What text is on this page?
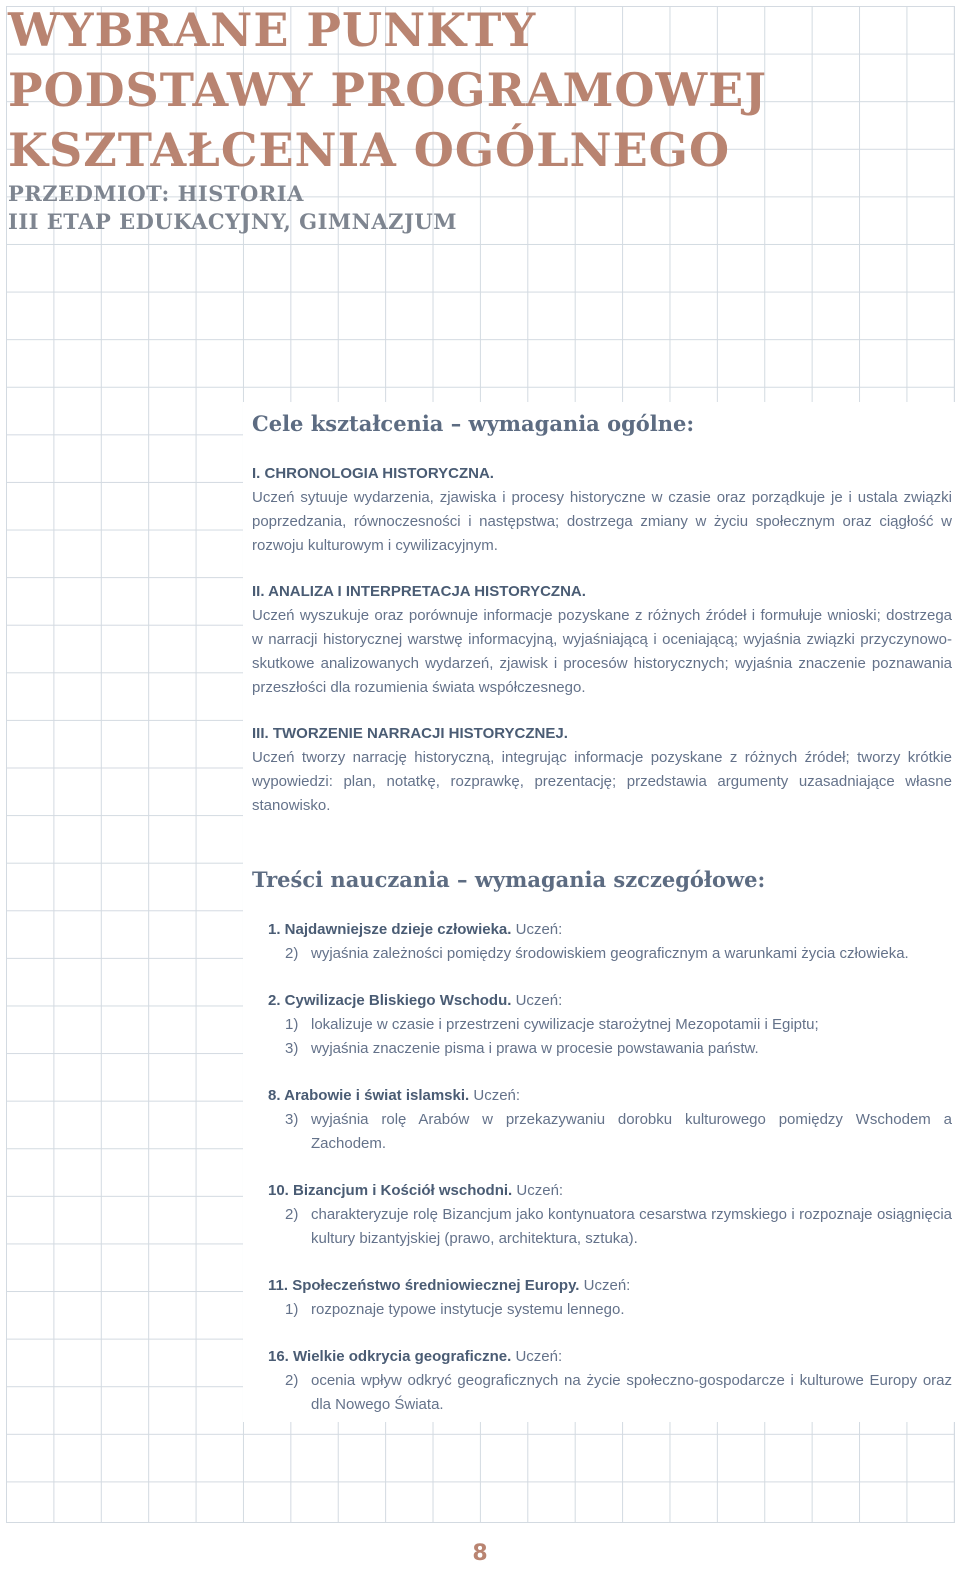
WYBRANE PUNKTY

PODSTAWY PROGRAMOWEJ

KSZTAŁCENIA OGÓLNEGO

PRZEDMIOT: HISTORIA

III ETAP EDUKACYJNY, GIMNAZJUM

Cele kształcenia – wymagania ogólne:

I. CHRONOLOGIA HISTORYCZNA.

Uczeń sytuuje wydarzenia, zjawiska i procesy historyczne w czasie oraz porządkuje je i ustala związki poprzedzania, równoczesności i następstwa; dostrzega zmiany w życiu społecznym oraz ciągłość w rozwoju kulturowym i cywilizacyjnym.

II. ANALIZA I INTERPRETACJA HISTORYCZNA.

Uczeń wyszukuje oraz porównuje informacje pozyskane z różnych źródeł i formułuje wnioski; dostrzega w narracji historycznej warstwę informacyjną, wyjaśniającą i oceniającą; wyjaśnia związki przyczynowo-skutkowe analizowanych wydarzeń, zjawisk i procesów historycznych; wyjaśnia znaczenie poznawania przeszłości dla rozumienia świata współczesnego.

III. TWORZENIE NARRACJI HISTORYCZNEJ.

Uczeń tworzy narrację historyczną, integrując informacje pozyskane z różnych źródeł; tworzy krótkie wypowiedzi: plan, notatkę, rozprawkę, prezentację; przedstawia argumenty uzasadniające własne stanowisko.

Treści nauczania – wymagania szczegółowe:

1. Najdawniejsze dzieje człowieka. Uczeń:

2) wyjaśnia zależności pomiędzy środowiskiem geograficznym a warunkami życia człowieka.

2. Cywilizacje Bliskiego Wschodu. Uczeń:

1) lokalizuje w czasie i przestrzeni cywilizacje starożytnej Mezopotamii i Egiptu;
3) wyjaśnia znaczenie pisma i prawa w procesie powstawania państw.

8. Arabowie i świat islamski. Uczeń:

3) wyjaśnia rolę Arabów w przekazywaniu dorobku kulturowego pomiędzy Wschodem a Zachodem.

10. Bizancjum i Kościół wschodni. Uczeń:

2) charakteryzuje rolę Bizancjum jako kontynuatora cesarstwa rzymskiego i rozpoznaje osiągnięcia kultury bizantyjskiej (prawo, architektura, sztuka).

11. Społeczeństwo średniowiecznej Europy. Uczeń:

1) rozpoznaje typowe instytucje systemu lennego.

16. Wielkie odkrycia geograficzne. Uczeń:

2) ocenia wpływ odkryć geograficznych na życie społeczno-gospodarcze i kulturowe Europy oraz dla Nowego Świata.
8
